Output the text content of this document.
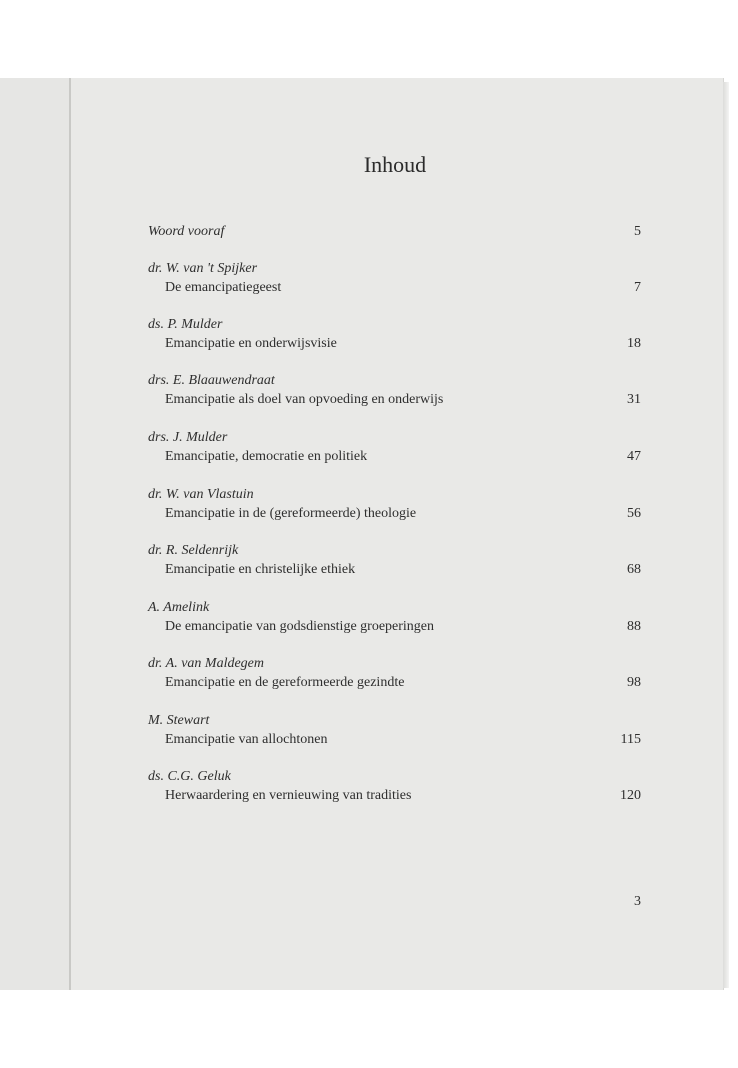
Inhoud
Woord vooraf	5
dr. W. van 't Spijker
De emancipatiegeest	7
ds. P. Mulder
Emancipatie en onderwijsvisie	18
drs. E. Blaauwendraat
Emancipatie als doel van opvoeding en onderwijs	31
drs. J. Mulder
Emancipatie, democratie en politiek	47
dr. W. van Vlastuin
Emancipatie in de (gereformeerde) theologie	56
dr. R. Seldenrijk
Emancipatie en christelijke ethiek	68
A. Amelink
De emancipatie van godsdienstige groeperingen	88
dr. A. van Maldegem
Emancipatie en de gereformeerde gezindte	98
M. Stewart
Emancipatie van allochtonen	115
ds. C.G. Geluk
Herwaardering en vernieuwing van tradities	120
3
